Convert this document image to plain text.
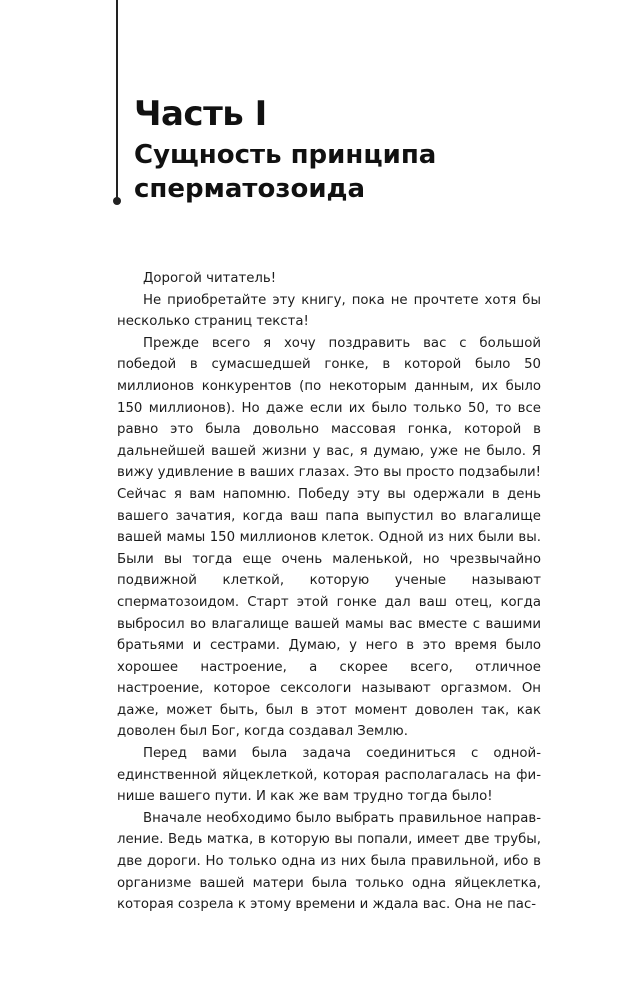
Часть I
Сущность принципа
сперматозоида

Дорогой читатель!

Не приобретайте эту книгу, пока не прочтете хотя бы несколько страниц текста!

Прежде всего я хочу поздравить вас с большой победой в сумасшедшей гонке, в которой было 50 миллионов конкурентов (по некоторым данным, их было 150 миллионов). Но даже если их было только 50, то все равно это была довольно массовая гонка, которой в дальнейшей вашей жизни у вас, я думаю, уже не было. Я вижу удивление в ваших глазах. Это вы просто подзабыли! Сейчас я вам напомню. Победу эту вы одержали в день вашего зачатия, когда ваш папа выпустил во влагалище вашей мамы 150 миллионов клеток. Одной из них были вы. Были вы тогда еще очень маленькой, но чрезвычайно подвижной клеткой, которую ученые называют сперматозоидом. Старт этой гонке дал ваш отец, когда выбросил во влагалище вашей мамы вас вместе с вашими братьями и сестрами. Думаю, у него в это время было хорошее настроение, а скорее всего, отличное настроение, которое сексологи называют оргазмом. Он даже, может быть, был в этот момент доволен так, как доволен был Бог, когда создавал Землю.

Перед вами была задача соединиться с одной-единственной яйцеклеткой, которая располагалась на финише вашего пути. И как же вам трудно тогда было!

Вначале необходимо было выбрать правильное направление. Ведь матка, в которую вы попали, имеет две трубы, две дороги. Но только одна из них была правильной, ибо в организме вашей матери была только одна яйцеклетка, которая созрела к этому времени и ждала вас. Она не пас-
